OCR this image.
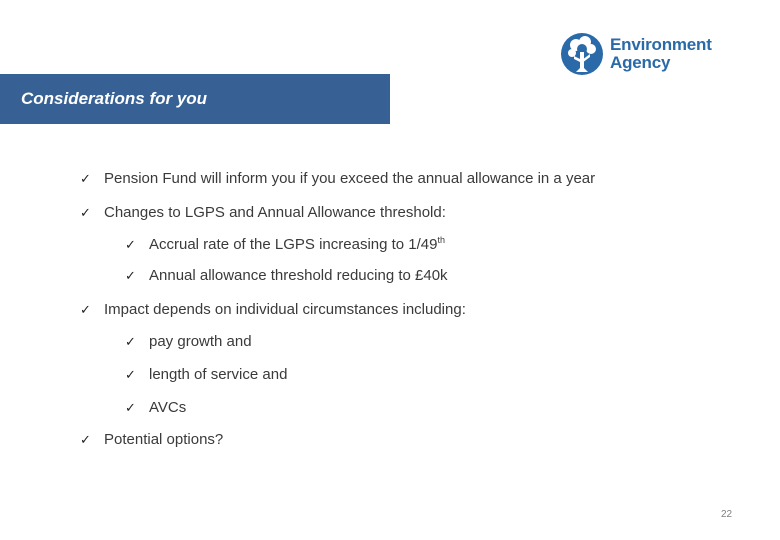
Environment
Agency
Considerations for you
✓ Pension Fund will inform you if you exceed the annual allowance in a year
✓ Changes to LGPS and Annual Allowance threshold:
✓ Accrual rate of the LGPS increasing to 1/49th
✓ Annual allowance threshold reducing to £40k
✓ Impact depends on individual circumstances including:
✓ pay growth and
✓ length of service and
✓ AVCs
✓ Potential options?
22
